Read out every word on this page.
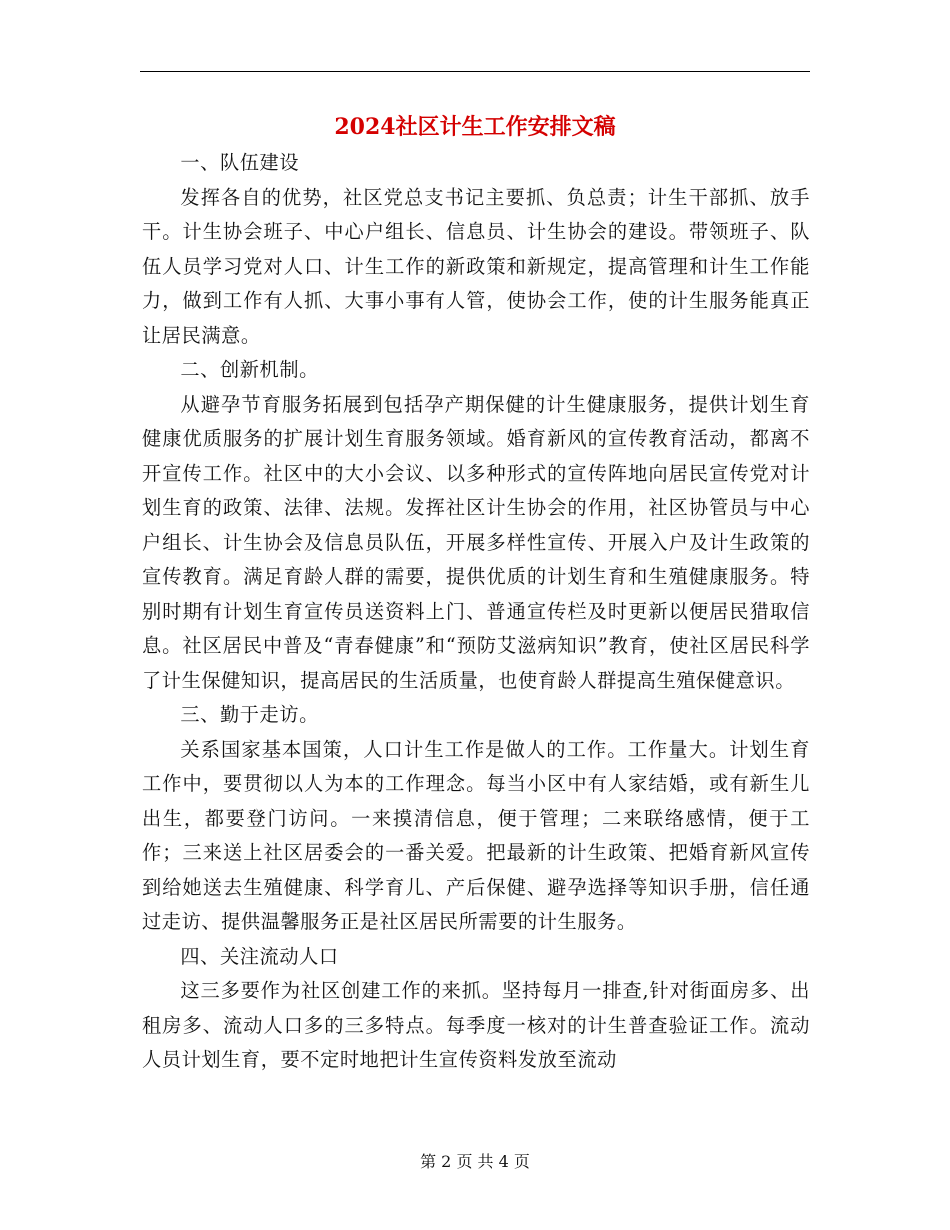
2024社区计生工作安排文稿

一、队伍建设

发挥各自的优势，社区党总支书记主要抓、负总责；计生干部抓、放手干。计生协会班子、中心户组长、信息员、计生协会的建设。带领班子、队伍人员学习党对人口、计生工作的新政策和新规定，提高管理和计生工作能力，做到工作有人抓、大事小事有人管，使协会工作，使的计生服务能真正让居民满意。

二、创新机制。

从避孕节育服务拓展到包括孕产期保健的计生健康服务，提供计划生育健康优质服务的扩展计划生育服务领域。婚育新风的宣传教育活动，都离不开宣传工作。社区中的大小会议、以多种形式的宣传阵地向居民宣传党对计划生育的政策、法律、法规。发挥社区计生协会的作用，社区协管员与中心户组长、计生协会及信息员队伍，开展多样性宣传、开展入户及计生政策的宣传教育。满足育龄人群的需要，提供优质的计划生育和生殖健康服务。特别时期有计划生育宣传员送资料上门、普通宣传栏及时更新以便居民猎取信息。社区居民中普及“青春健康”和“预防艾滋病知识”教育，使社区居民科学了计生保健知识，提高居民的生活质量，也使育龄人群提高生殖保健意识。

三、勤于走访。

关系国家基本国策，人口计生工作是做人的工作。工作量大。计划生育工作中，要贯彻以人为本的工作理念。每当小区中有人家结婚，或有新生儿出生，都要登门访问。一来摸清信息，便于管理；二来联络感情，便于工作；三来送上社区居委会的一番关爱。把最新的计生政策、把婚育新风宣传到给她送去生殖健康、科学育儿、产后保健、避孕选择等知识手册，信任通过走访、提供温馨服务正是社区居民所需要的计生服务。

四、关注流动人口

这三多要作为社区创建工作的来抓。坚持每月一排查,针对街面房多、出租房多、流动人口多的三多特点。每季度一核对的计生普查验证工作。流动人员计划生育，要不定时地把计生宣传资料发放至流动

第 2 页 共 4 页
